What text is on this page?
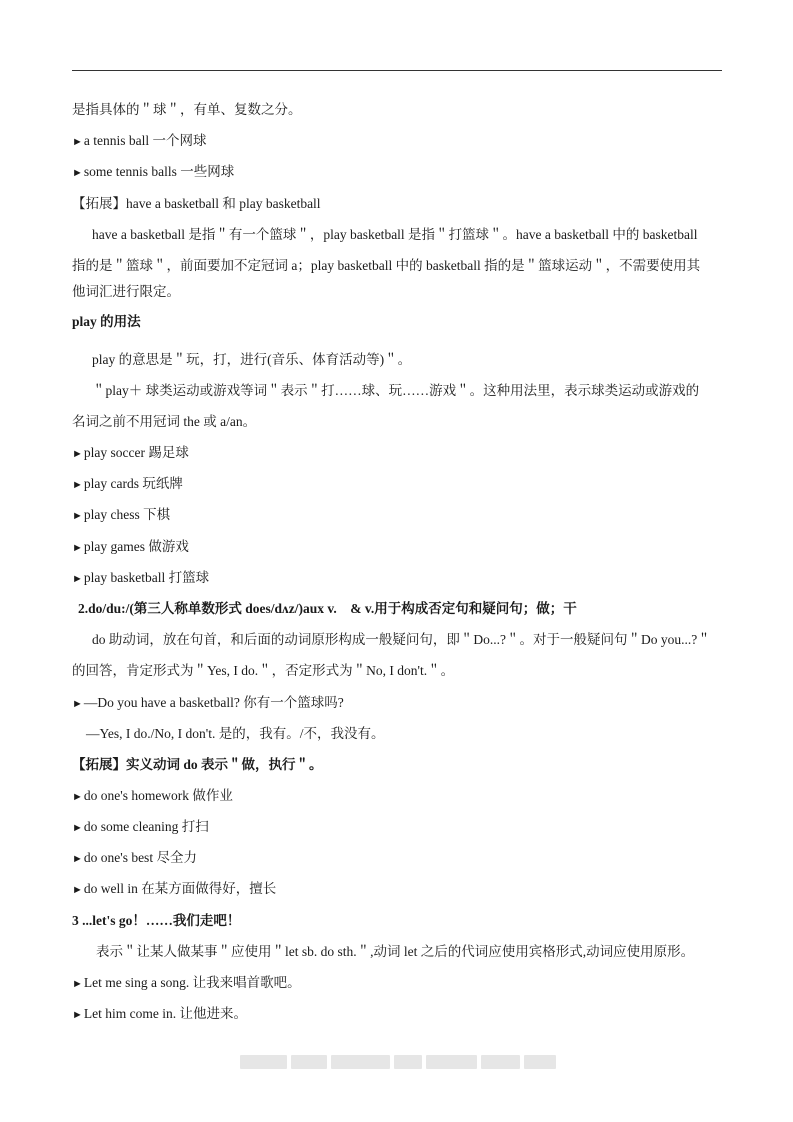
是指具体的＂球＂，有单、复数之分。
►a tennis ball 一个网球
►some tennis balls 一些网球
【拓展】have a basketball 和 play basketball
have a basketball 是指＂有一个篮球＂，play basketball 是指＂打篮球＂。have a basketball 中的 basketball
指的是＂篮球＂，前面要加不定冠词 a；play basketball 中的 basketball 指的是＂篮球运动＂，不需要使用其
他词汇进行限定。
play 的用法
play 的意思是＂玩，打，进行(音乐、体育活动等)＂。
＂play＋ 球类运动或游戏等词＂表示＂打……球、玩……游戏＂。这种用法里，表示球类运动或游戏的
名词之前不用冠词 the 或 a/an。
►play soccer 踢足球
►play cards 玩纸牌
►play chess 下棋
►play games 做游戏
►play basketball 打篮球
2.do/du:/(第三人称单数形式 does/dʌz/)aux v.　& v.用于构成否定句和疑问句；做；干
do 助动词，放在句首，和后面的动词原形构成一般疑问句，即＂Do...?＂。对于一般疑问句＂Do you...?＂
的回答，肯定形式为＂Yes, I do.＂，否定形式为＂No, I don't.＂。
►—Do you have a basketball? 你有一个篮球吗?
—Yes, I do./No, I don't. 是的，我有。/不，我没有。
【拓展】实义动词 do 表示＂做，执行＂。
►do one's homework 做作业
►do some cleaning 打扫
►do one's best 尽全力
►do well in 在某方面做得好，擅长
3 ...let's go！……我们走吧！
表示＂让某人做某事＂应使用＂let sb. do sth.＂,动词 let 之后的代词应使用宾格形式,动词应使用原形。
►Let me sing a song. 让我来唱首歌吧。
►Let him come in. 让他进来。
